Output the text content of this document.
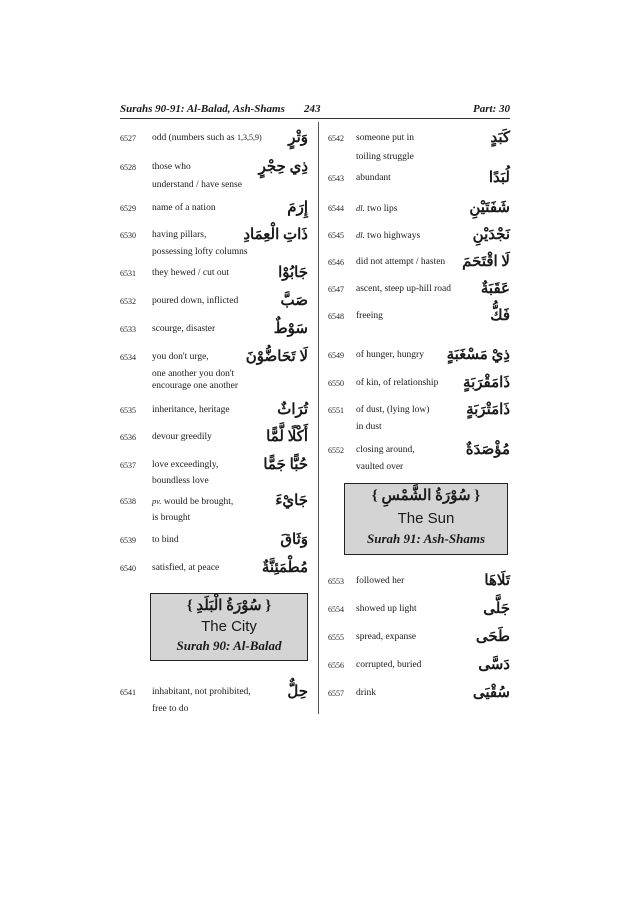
Surahs 90-91: Al-Balad, Ash-Shams 243	Part: 30
6527 odd (numbers such as 1,3,5,9) وَتْرٍ
6528 those who	ذِي حِجْرٍ
understand / have sense
6529 name of a nation	إِرَمَ
6530 having pillars, ذَاتِ الْعِمَادِ
possessing lofty columns
6531 they hewed / cut out	جَابُوْا
6532 poured down, inflicted	صَبَّ
6533 scourge, disaster	سَوْطٌ
6534 you don't urge, لَا تَحَاضُّوْنَ
one another you don't
encourage one another
6535 inheritance, heritage	تُرَاثٌ
6536 devour greedily	أَكْلًا لَّمًّا
6537 love exceedingly,	حُبًّا جَمًّا
boundless love
6538 pv. would be brought,	جَايْءَ
is brought
6539 to bind	وَثَاقَ
6540 satisfied, at peace	مُطْمَئِنَّةٌ
{ سُوْرَةُ الْبَلَدِ }
The City
Surah 90: Al-Balad
6541 inhabitant, not prohibited, حِلٌّ
free to do
6542 someone put in	كَبَدٍ
toiling struggle
6543 abundant	لُبَدًا
6544 dl. two lips	شَفَتَيْنِ
6545 dl. two highways	نَجْدَيْنِ
6546 did not attempt / hasten لَا اقْتَحَمَ
6547 ascent, steep up-hill road عَقَبَةٌ
6548 freeing	فَكُّ
6549 of hunger, hungry ذِيْ مَسْغَبَةٍ
6550 of kin, of relationship ذَامَقْرَبَةٍ
6551 of dust, (lying low) ذَامَتْرَبَةٍ
in dust
6552 closing around,	مُؤْصَدَةٌ
vaulted over
{ سُوْرَةُ الشَّمْسِ }
The Sun
Surah 91: Ash-Shams
6553 followed her	تَلَاهَا
6554 showed up light	جَلَّى
6555 spread, expanse	طَحَى
6556 corrupted, buried	دَسَّى
6557 drink	سُقْيَى
